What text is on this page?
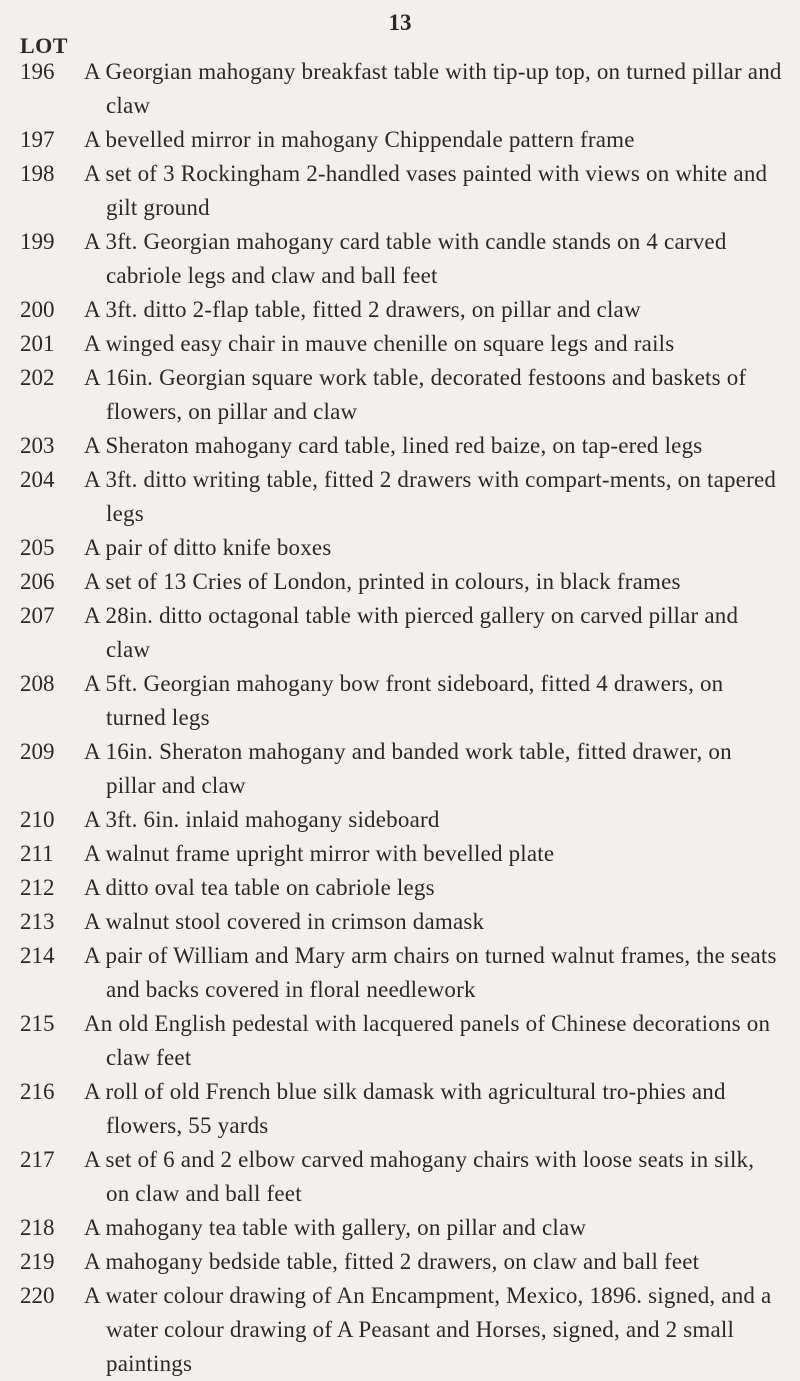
13
LOT
196	A Georgian mahogany breakfast table with tip-up top, on turned pillar and claw

197	A bevelled mirror in mahogany Chippendale pattern frame

198	A set of 3 Rockingham 2-handled vases painted with views on white and gilt ground

199	A 3ft. Georgian mahogany card table with candle stands on 4 carved cabriole legs and claw and ball feet

200	A 3ft. ditto 2-flap table, fitted 2 drawers, on pillar and claw

201	A winged easy chair in mauve chenille on square legs and rails

202	A 16in. Georgian square work table, decorated festoons and baskets of flowers, on pillar and claw

203	A Sheraton mahogany card table, lined red baize, on tap-ered legs

204	A 3ft. ditto writing table, fitted 2 drawers with compart-ments, on tapered legs

205	A pair of ditto knife boxes

206	A set of 13 Cries of London, printed in colours, in black frames

207	A 28in. ditto octagonal table with pierced gallery on carved pillar and claw

208	A 5ft. Georgian mahogany bow front sideboard, fitted 4 drawers, on turned legs

209	A 16in. Sheraton mahogany and banded work table, fitted drawer, on pillar and claw

210	A 3ft. 6in. inlaid mahogany sideboard

211	A walnut frame upright mirror with bevelled plate

212	A ditto oval tea table on cabriole legs

213	A walnut stool covered in crimson damask

214	A pair of William and Mary arm chairs on turned walnut frames, the seats and backs covered in floral needlework

215	An old English pedestal with lacquered panels of Chinese decorations on claw feet

216	A roll of old French blue silk damask with agricultural tro-phies and flowers, 55 yards

217	A set of 6 and 2 elbow carved mahogany chairs with loose seats in silk, on claw and ball feet

218	A mahogany tea table with gallery, on pillar and claw

219	A mahogany bedside table, fitted 2 drawers, on claw and ball feet

220	A water colour drawing of An Encampment, Mexico, 1896. signed, and a water colour drawing of A Peasant and Horses, signed, and 2 small paintings
